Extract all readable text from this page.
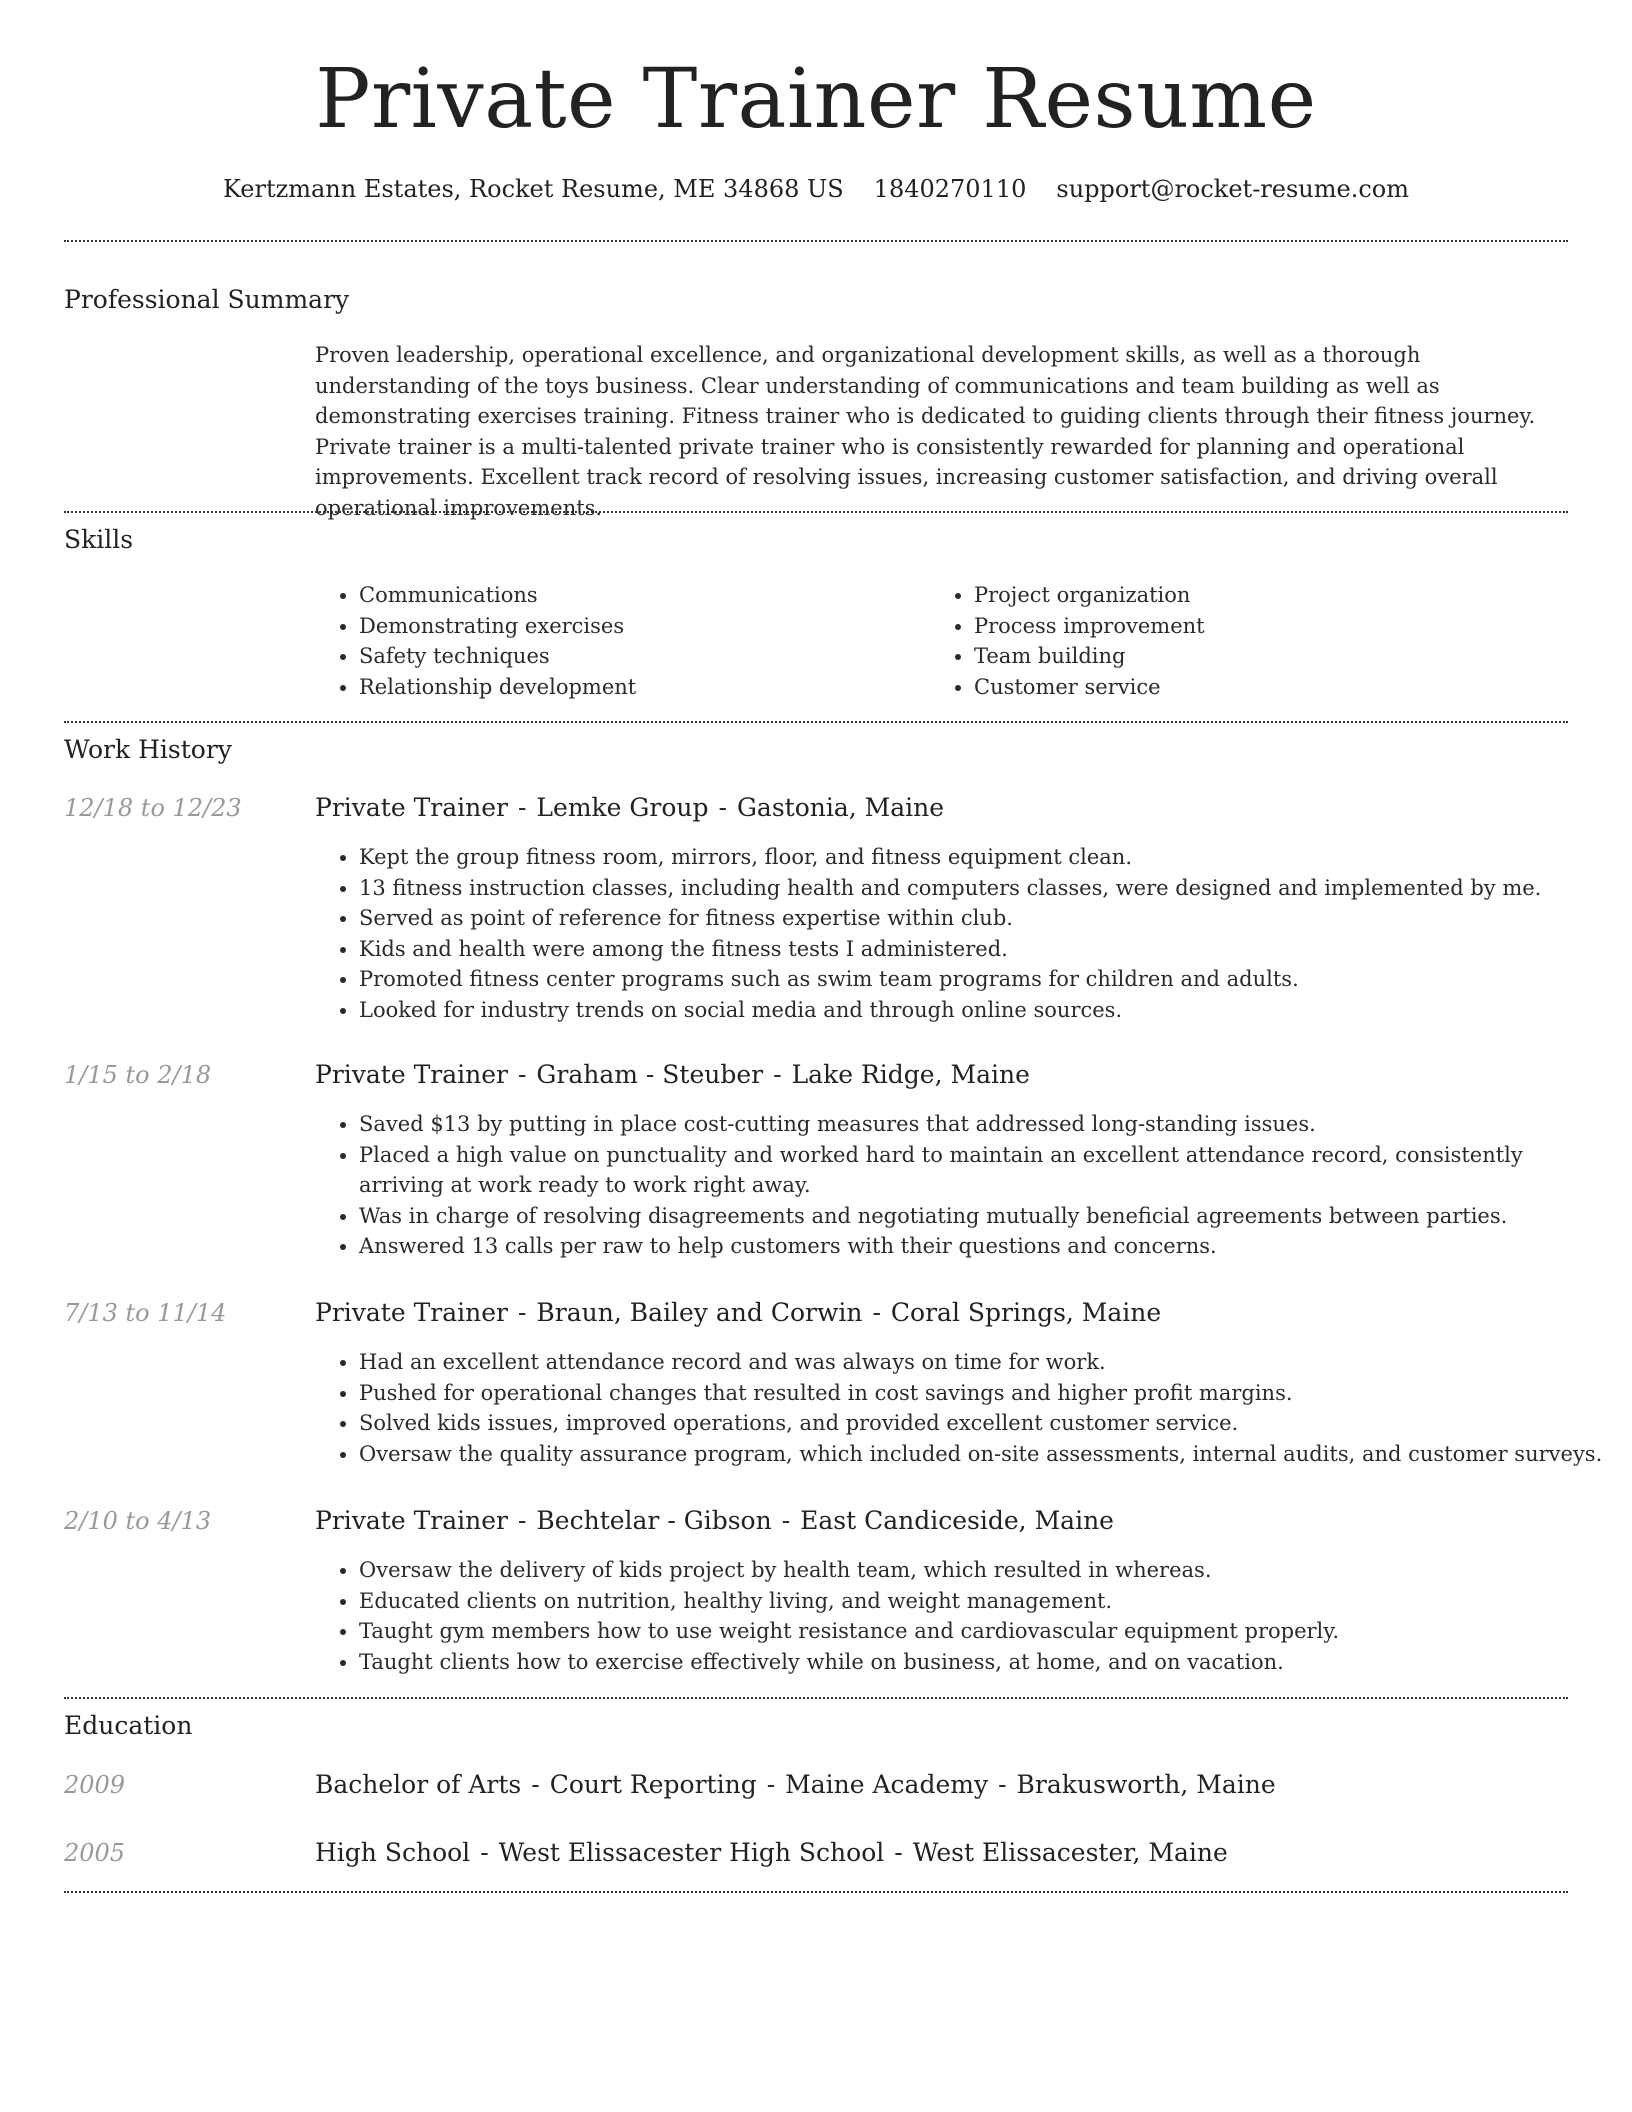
Private Trainer Resume
Kertzmann Estates, Rocket Resume, ME 34868 US 1840270110 support@rocket-resume.com
Professional Summary

Proven leadership, operational excellence, and organizational development skills, as well as a thorough understanding of the toys business. Clear understanding of communications and team building as well as demonstrating exercises training. Fitness trainer who is dedicated to guiding clients through their fitness journey. Private trainer is a multi-talented private trainer who is consistently rewarded for planning and operational improvements. Excellent track record of resolving issues, increasing customer satisfaction, and driving overall operational improvements.

Skills
• Communications
• Demonstrating exercises
• Safety techniques
• Relationship development
• Project organization
• Process improvement
• Team building
• Customer service
Work History
12/18 to 12/23	Private Trainer - Lemke Group - Gastonia, Maine
• Kept the group fitness room, mirrors, floor, and fitness equipment clean.
• 13 fitness instruction classes, including health and computers classes, were designed and implemented by me.
• Served as point of reference for fitness expertise within club.
• Kids and health were among the fitness tests I administered.
• Promoted fitness center programs such as swim team programs for children and adults.
• Looked for industry trends on social media and through online sources.
1/15 to 2/18	Private Trainer - Graham - Steuber - Lake Ridge, Maine
• Saved $13 by putting in place cost-cutting measures that addressed long-standing issues.
• Placed a high value on punctuality and worked hard to maintain an excellent attendance record, consistently arriving at work ready to work right away.
• Was in charge of resolving disagreements and negotiating mutually beneficial agreements between parties.
• Answered 13 calls per raw to help customers with their questions and concerns.
7/13 to 11/14	Private Trainer - Braun, Bailey and Corwin - Coral Springs, Maine
• Had an excellent attendance record and was always on time for work.
• Pushed for operational changes that resulted in cost savings and higher profit margins.
• Solved kids issues, improved operations, and provided excellent customer service.
• Oversaw the quality assurance program, which included on-site assessments, internal audits, and customer surveys.
2/10 to 4/13	Private Trainer - Bechtelar - Gibson - East Candiceside, Maine
• Oversaw the delivery of kids project by health team, which resulted in whereas.
• Educated clients on nutrition, healthy living, and weight management.
• Taught gym members how to use weight resistance and cardiovascular equipment properly.
• Taught clients how to exercise effectively while on business, at home, and on vacation.
Education
2009	Bachelor of Arts - Court Reporting - Maine Academy - Brakusworth, Maine
2005	High School - West Elissacester High School - West Elissacester, Maine
